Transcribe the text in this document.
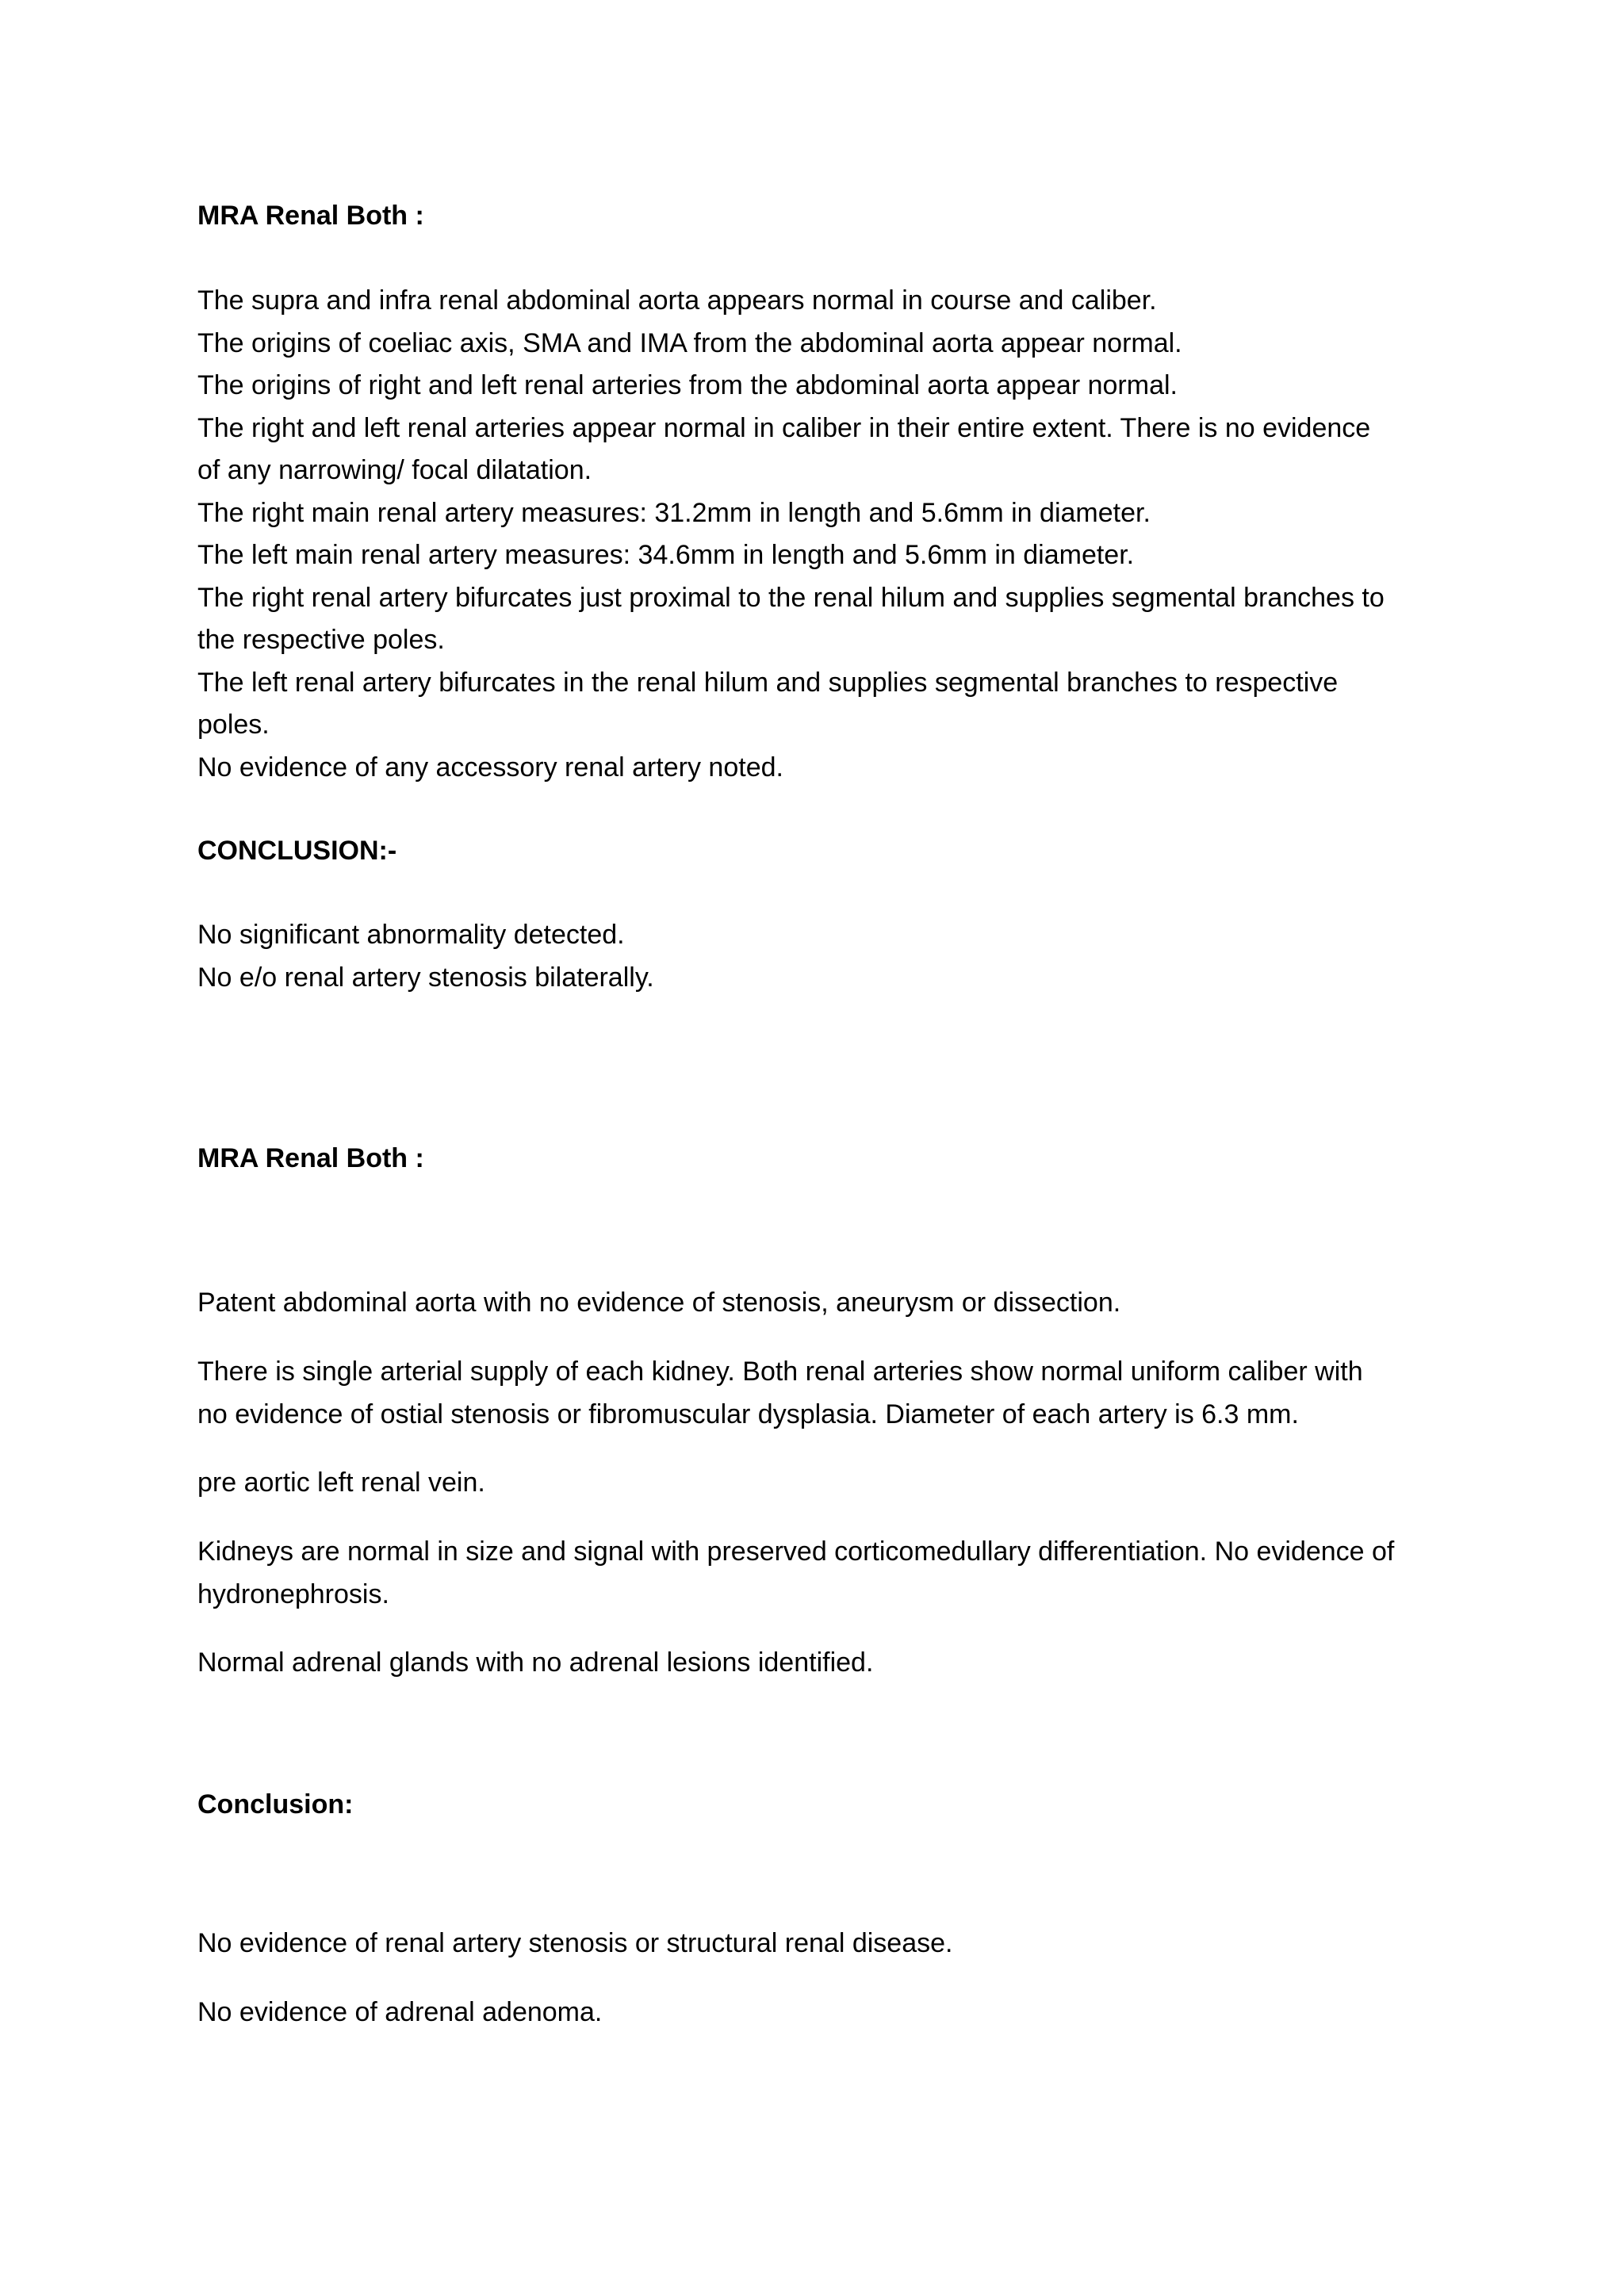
MRA Renal Both :
The supra and infra renal abdominal aorta appears normal in course and caliber.
The origins of coeliac axis, SMA and IMA from the abdominal aorta appear normal.
The origins of right and left renal arteries from the abdominal aorta appear normal.
The right and left renal arteries appear normal in caliber in their entire extent. There is no evidence
of any narrowing/ focal dilatation.
The right main renal artery measures: 31.2mm in length and 5.6mm in diameter.
The left main renal artery measures: 34.6mm in length and 5.6mm in diameter.
The right renal artery bifurcates just proximal to the renal hilum and supplies segmental branches to
the respective poles.
The left renal artery bifurcates in the renal hilum and supplies segmental branches to respective
poles.
No evidence of any accessory renal artery noted.
CONCLUSION:-
No significant abnormality detected.
No e/o renal artery stenosis bilaterally.
MRA Renal Both :

Patent abdominal aorta with no evidence of stenosis, aneurysm or dissection.

There is single arterial supply of each kidney. Both renal arteries show normal uniform caliber with
no evidence of ostial stenosis or fibromuscular dysplasia. Diameter of each artery is 6.3 mm.

pre aortic left renal vein.

Kidneys are normal in size and signal with preserved corticomedullary differentiation. No evidence of
hydronephrosis.

Normal adrenal glands with no adrenal lesions identified.

Conclusion:

No evidence of renal artery stenosis or structural renal disease.

No evidence of adrenal adenoma.
